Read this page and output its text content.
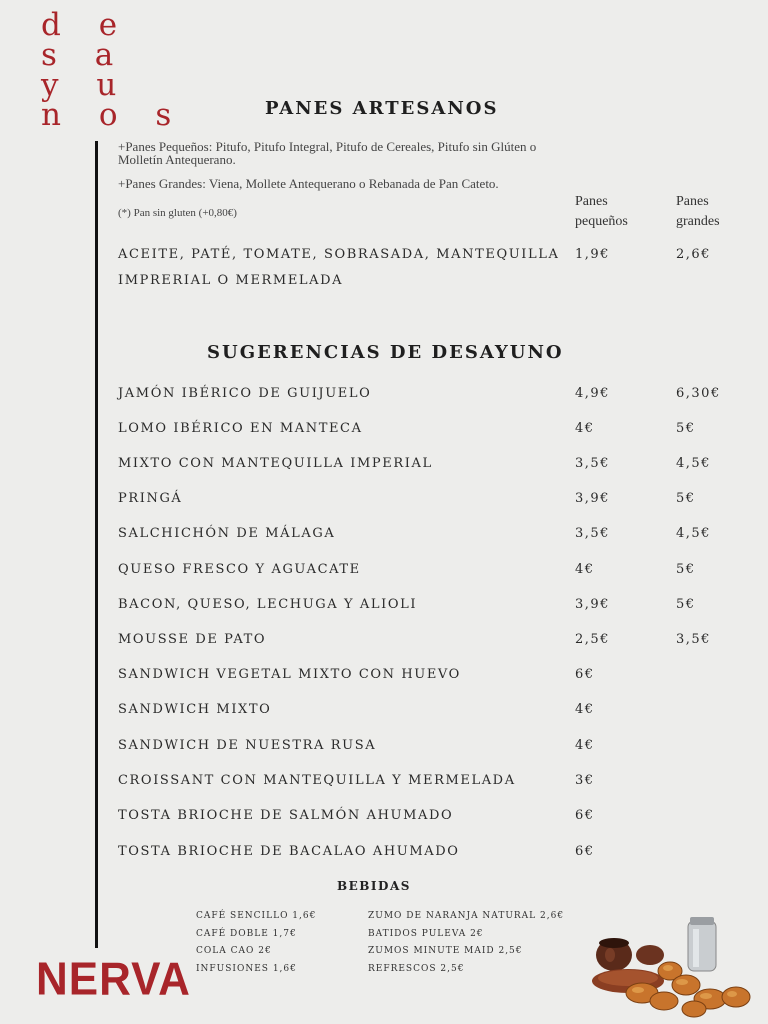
d e
s a
y u
n o s	PANES ARTESANOS
+Panes Pequeños: Pitufo, Pitufo Integral, Pitufo de Cereales, Pitufo sin Glúten o Molletín Antequerano.
+Panes Grandes: Viena, Mollete Antequerano o Rebanada de Pan Cateto.
(*) Pan sin gluten (+0,80€)
Panes
pequeños
Panes
grandes
ACEITE, PATÉ, TOMATE, SOBRASADA, MANTEQUILLA
IMPRERIAL O MERMELADA
1,9€	2,6€
SUGERENCIAS DE DESAYUNO
JAMÓN IBÉRICO DE GUIJUELO	4,9€	6,30€
LOMO IBÉRICO EN MANTECA	4€	5€
MIXTO CON MANTEQUILLA IMPERIAL	3,5€	4,5€
PRINGÁ	3,9€	5€
SALCHICHÓN DE MÁLAGA	3,5€	4,5€
QUESO FRESCO Y AGUACATE	4€	5€
BACON, QUESO, LECHUGA Y ALIOLI	3,9€	5€
MOUSSE DE PATO	2,5€	3,5€
SANDWICH VEGETAL MIXTO CON HUEVO	6€
SANDWICH MIXTO	4€
SANDWICH DE NUESTRA RUSA	4€
CROISSANT CON MANTEQUILLA Y MERMELADA	3€
TOSTA BRIOCHE DE SALMÓN AHUMADO	6€
TOSTA BRIOCHE DE BACALAO AHUMADO	6€
BEBIDAS
CAFÉ SENCILLO 1,6€
CAFÉ DOBLE 1,7€
COLA CAO 2€
INFUSIONES 1,6€
ZUMO DE NARANJA NATURAL 2,6€
BATIDOS PULEVA 2€
ZUMOS MINUTE MAID 2,5€
REFRESCOS 2,5€
NERVA
